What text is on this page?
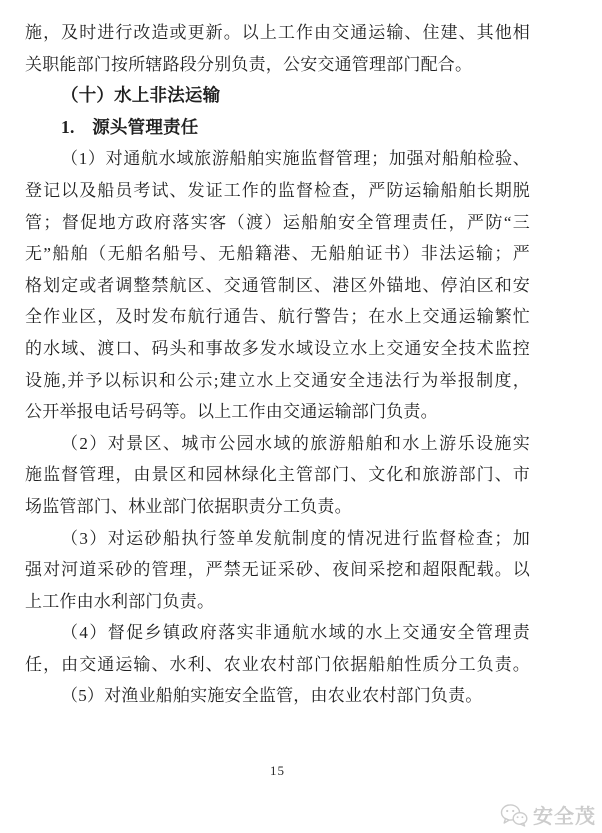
施，及时进行改造或更新。以上工作由交通运输、住建、其他相
关职能部门按所辖路段分别负责，公安交通管理部门配合。
（十）水上非法运输
1.　源头管理责任
（1）对通航水域旅游船舶实施监督管理；加强对船舶检验、
登记以及船员考试、发证工作的监督检查，严防运输船舶长期脱
管；督促地方政府落实客（渡）运船舶安全管理责任，严防“三
无”船舶（无船名船号、无船籍港、无船舶证书）非法运输；严
格划定或者调整禁航区、交通管制区、港区外锚地、停泊区和安
全作业区，及时发布航行通告、航行警告；在水上交通运输繁忙
的水域、渡口、码头和事故多发水域设立水上交通安全技术监控
设施,并予以标识和公示;建立水上交通安全违法行为举报制度，
公开举报电话号码等。以上工作由交通运输部门负责。
（2）对景区、城市公园水域的旅游船舶和水上游乐设施实
施监督管理，由景区和园林绿化主管部门、文化和旅游部门、市
场监管部门、林业部门依据职责分工负责。
（3）对运砂船执行签单发航制度的情况进行监督检查；加
强对河道采砂的管理，严禁无证采砂、夜间采挖和超限配载。以
上工作由水利部门负责。
（4）督促乡镇政府落实非通航水域的水上交通安全管理责
任，由交通运输、水利、农业农村部门依据船舶性质分工负责。
（5）对渔业船舶实施安全监管，由农业农村部门负责。
15
安全茂
